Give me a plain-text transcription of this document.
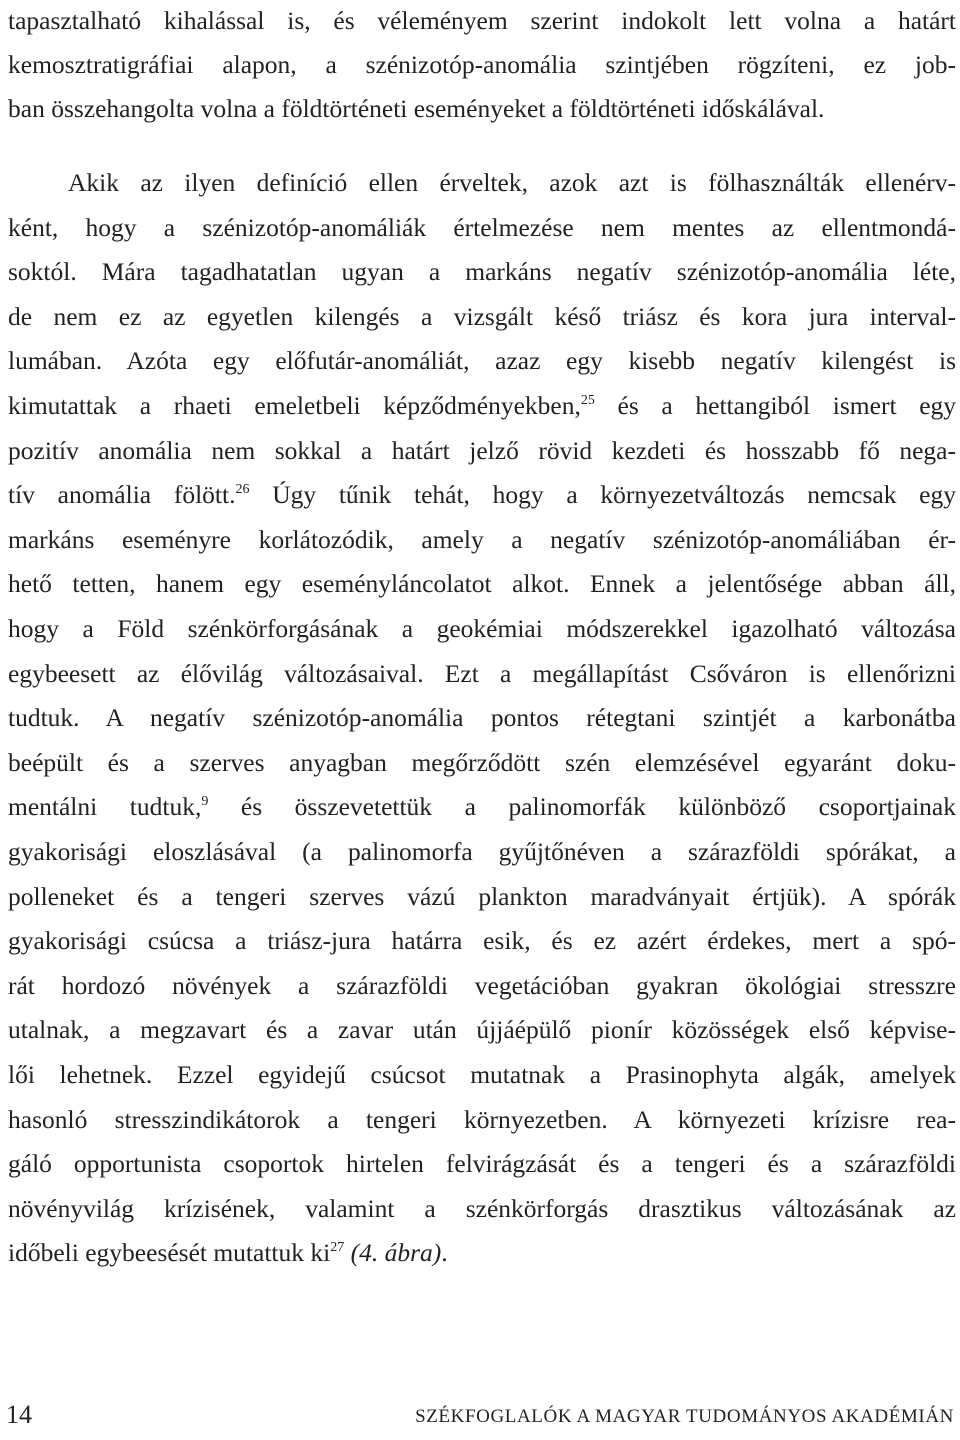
tapasztalható kihalással is, és véleményem szerint indokolt lett volna a határt
kemosztratigráfiai alapon, a szénizotóp-anomália szintjében rögzíteni, ez job-
ban összehangolta volna a földtörténeti eseményeket a földtörténeti időskálával.
Akik az ilyen definíció ellen érveltek, azok azt is fölhasználták ellenérv-
ként, hogy a szénizotóp-anomáliák értelmezése nem mentes az ellentmondá-
soktól. Mára tagadhatatlan ugyan a markáns negatív szénizotóp-anomália léte,
de nem ez az egyetlen kilengés a vizsgált késő triász és kora jura interval-
lumában. Azóta egy előfutár-anomáliát, azaz egy kisebb negatív kilengést is
kimutattak a rhaeti emeletbeli képződményekben,$^{25}$ és a hettangiból ismert egy
pozitív anomália nem sokkal a határt jelző rövid kezdeti és hosszabb fő nega-
tív anomália fölött.$^{26}$ Úgy tűnik tehát, hogy a környezetváltozás nemcsak egy
markáns eseményre korlátozódik, amely a negatív szénizotóp-anomáliában ér-
hető tetten, hanem egy eseményláncolatot alkot. Ennek a jelentősége abban áll,
hogy a Föld szénkörforgásának a geokémiai módszerekkel igazolható változása
egybeesett az élővilág változásaival. Ezt a megállapítást Csőváron is ellenőrizni
tudtuk. A negatív szénizotóp-anomália pontos rétegtani szintjét a karbonátba
beépült és a szerves anyagban megőrződött szén elemzésével egyaránt doku-
mentálni tudtuk,$^9$ és összevetettük a palinomorfák különböző csoportjainak
gyakorisági eloszlásával (a palinomorfa gyűjtőnéven a szárazföldi spórákat, a
polleneket és a tengeri szerves vázú plankton maradványait értjük). A spórák
gyakorisági csúcsa a triász-jura határra esik, és ez azért érdekes, mert a spó-
rát hordozó növények a szárazföldi vegetációban gyakran ökológiai stresszre
utalnak, a megzavart és a zavar után újjáépülő pionír közösségek első képvise-
lői lehetnek. Ezzel egyidejű csúcsot mutatnak a Prasinophyta algák, amelyek
hasonló stresszindikátorok a tengeri környezetben. A környezeti krízisre rea-
gáló opportunista csoportok hirtelen felvirágzását és a tengeri és a szárazföldi
növényvilág krízisének, valamint a szénkörforgás drasztikus változásának az
időbeli egybeesését mutattuk $ki^{27}$ (4. ábra).
14	SZÉKFOGLALÓK A MAGYAR TUDOMÁNYOS AKADÉMIÁN
